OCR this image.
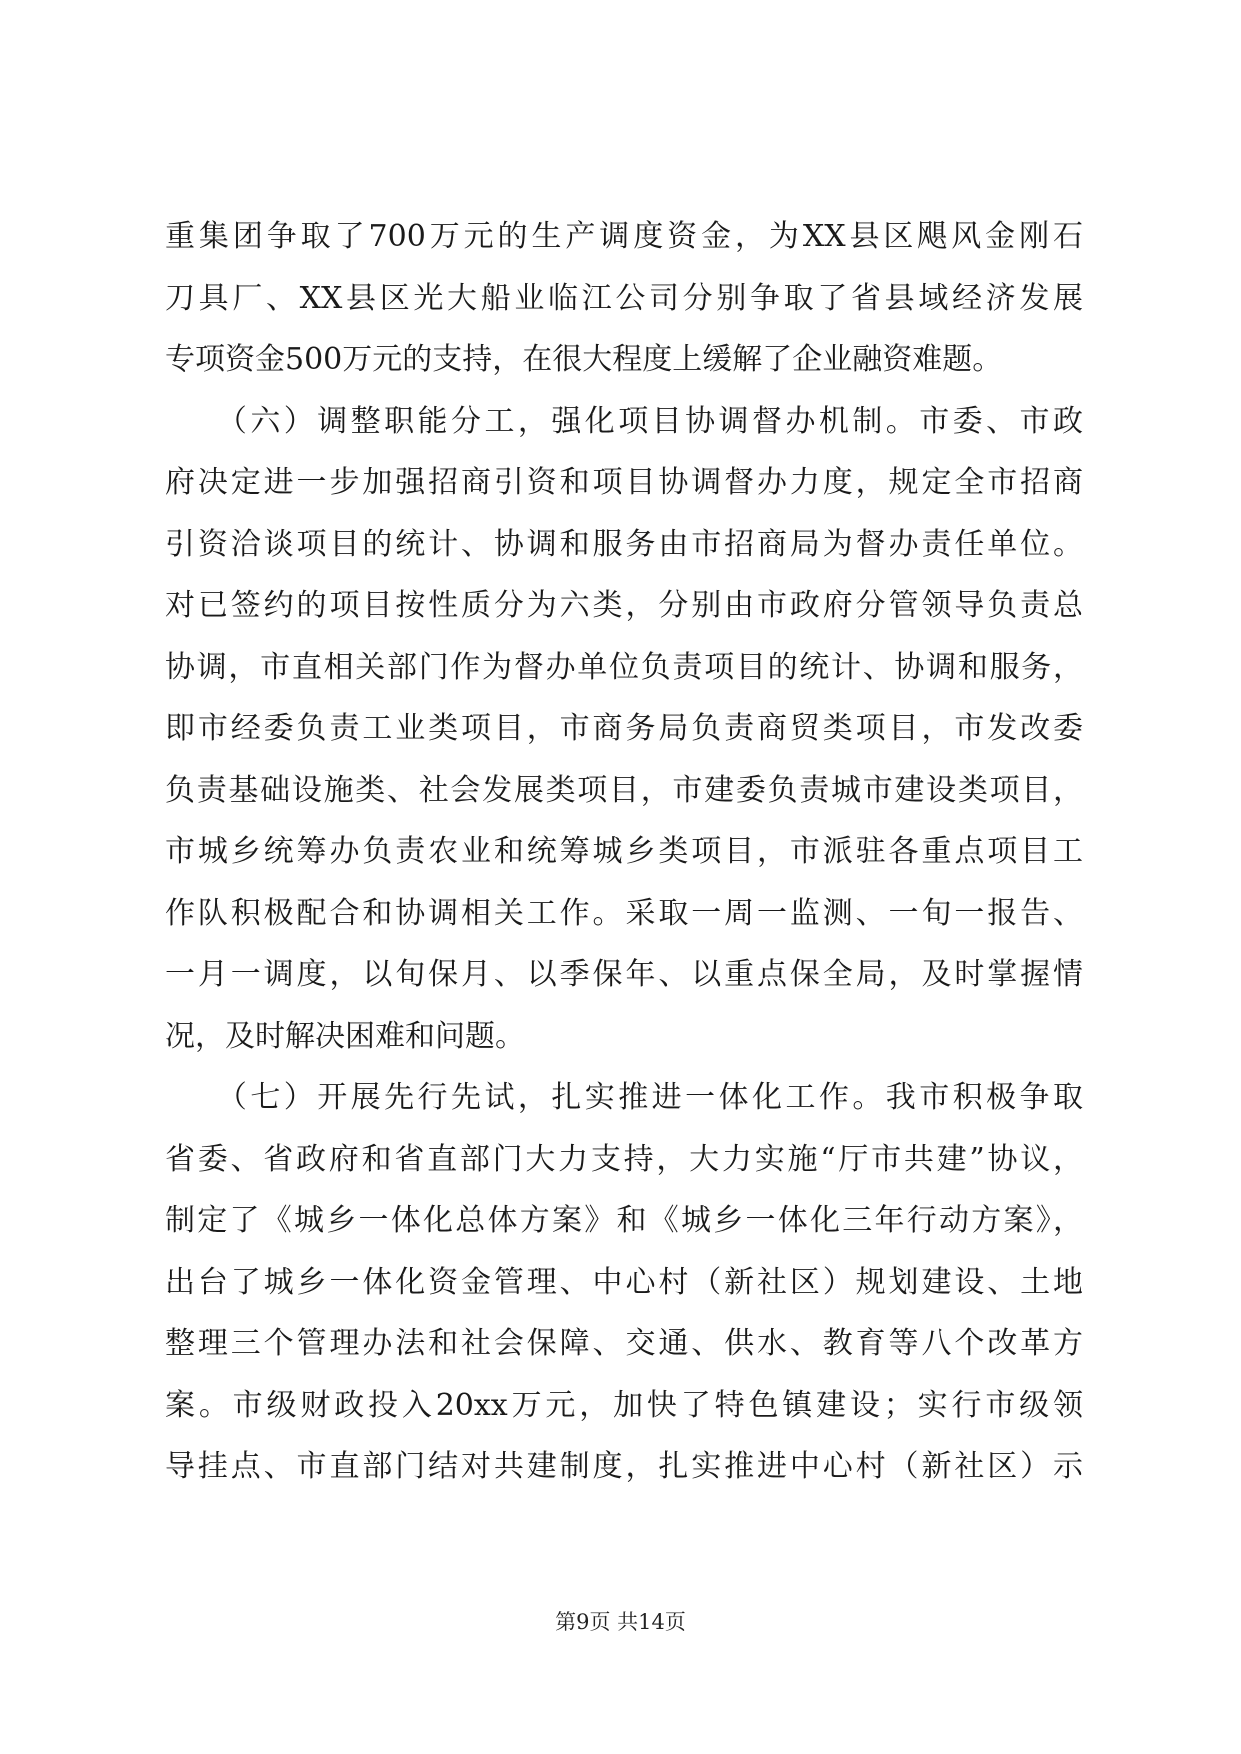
重集团争取了700万元的生产调度资金，为XX县区飓风金刚石
刀具厂、XX县区光大船业临江公司分别争取了省县域经济发展
专项资金500万元的支持，在很大程度上缓解了企业融资难题。
　　（六）调整职能分工，强化项目协调督办机制。市委、市政
府决定进一步加强招商引资和项目协调督办力度，规定全市招商
引资洽谈项目的统计、协调和服务由市招商局为督办责任单位。
对已签约的项目按性质分为六类，分别由市政府分管领导负责总
协调，市直相关部门作为督办单位负责项目的统计、协调和服务，
即市经委负责工业类项目，市商务局负责商贸类项目，市发改委
负责基础设施类、社会发展类项目，市建委负责城市建设类项目，
市城乡统筹办负责农业和统筹城乡类项目，市派驻各重点项目工
作队积极配合和协调相关工作。采取一周一监测、一旬一报告、
一月一调度，以旬保月、以季保年、以重点保全局，及时掌握情
况，及时解决困难和问题。
　　（七）开展先行先试，扎实推进一体化工作。我市积极争取
省委、省政府和省直部门大力支持，大力实施“厅市共建”协议，
制定了《城乡一体化总体方案》和《城乡一体化三年行动方案》，
出台了城乡一体化资金管理、中心村（新社区）规划建设、土地
整理三个管理办法和社会保障、交通、供水、教育等八个改革方
案。市级财政投入20xx万元，加快了特色镇建设；实行市级领
导挂点、市直部门结对共建制度，扎实推进中心村（新社区）示
第9页 共14页
